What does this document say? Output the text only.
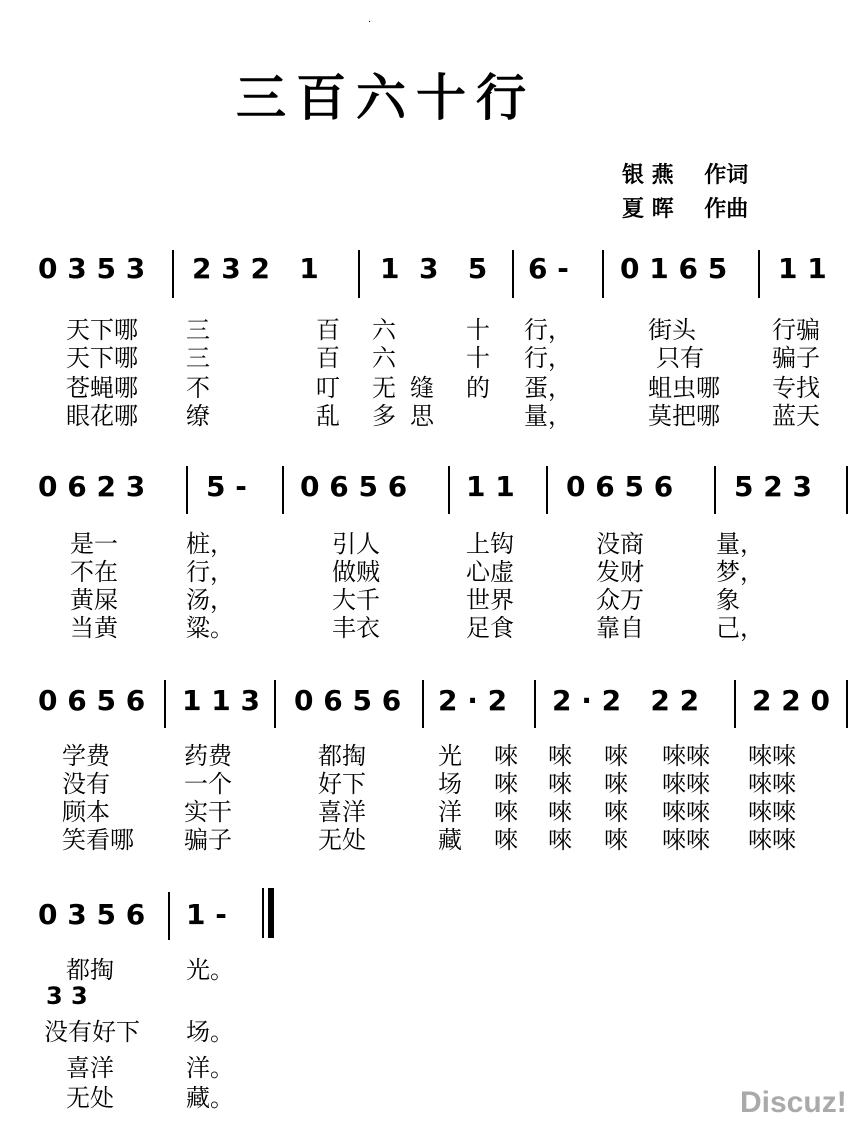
.
三百六十行
银 燕    作词
夏 晖    作曲
0 3 5 3 2 3 2   1 1  3   5 6 - 0 1 6 5 1 1
天下哪 三	百 六	十 行，	街头	行骗
天下哪 三	百 六	十 行，	只有	骗子
苍蝇哪 不	叮 无 缝 的 蛋，	蛆虫哪 专找
眼花哪 缭	乱 多 思	量，	莫把哪 蓝天
0 6 2 3 5 - 0 6 5 6 1 1 0 6 5 6 5 2 3
是一	桩，	引人	上钩	没商	量，
不在	行，	做贼	心虚	发财	梦，
黄屎	汤，	大千	世界	众万	象
当黄	粱。	丰衣	足食	靠自	己，
0 6 5 6 1 1 3 0 6 5 6 2 · 2 2 · 2   2 2 2 2 0
学费	药费	都掏	光 唻 唻 唻 唻唻 唻唻
没有	一个	好下	场 唻 唻 唻 唻唻 唻唻
顾本	实干	喜洋	洋 唻 唻 唻 唻唻 唻唻
笑看哪 骗子	无处	藏 唻 唻 唻 唻唻 唻唻
0 3 5 6 1 -
都掏	光。
3 3
没有好下 场。
喜洋	洋。
无处	藏。	Discuz!
